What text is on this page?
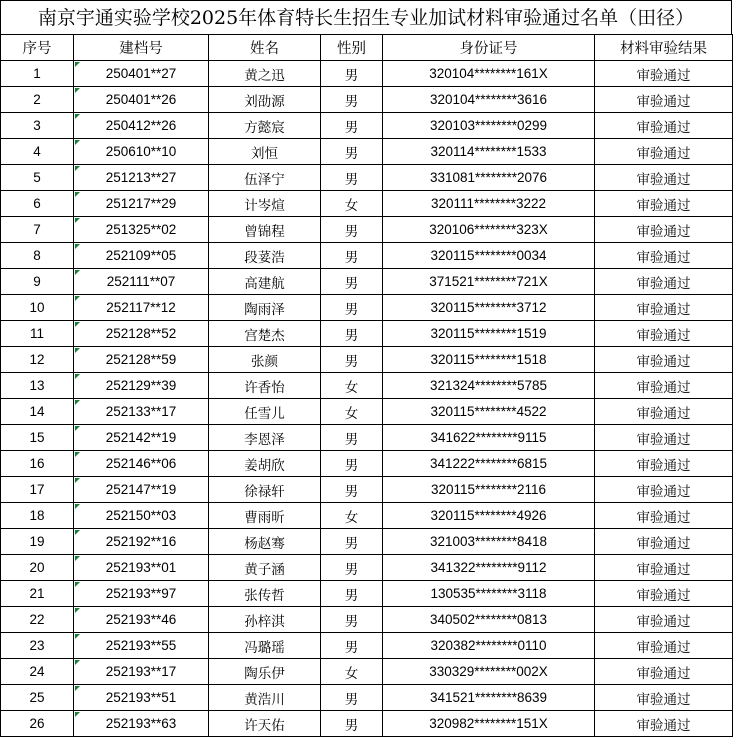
南京宇通实验学校2025年体育特长生招生专业加试材料审验通过名单（田径）
序号	建档号	姓名	性别	身份证号	材料审验结果
1	250401**27	黄之迅	男	320104********161X	审验通过
2	250401**26	刘劭源	男	320104********3616	审验通过
3	250412**26	方懿宸	男	320103********0299	审验通过
4	250610**10	刘恒	男	320114********1533	审验通过
5	251213**27	伍泽宁	男	331081********2076	审验通过
6	251217**29	计岑煊	女	320111********3222	审验通过
7	251325**02	曾锦程	男	320106********323X	审验通过
8	252109**05	段荽浩	男	320115********0034	审验通过
9	252111**07	高建航	男	371521********721X	审验通过
10	252117**12	陶雨泽	男	320115********3712	审验通过
11	252128**52	宫楚杰	男	320115********1519	审验通过
12	252128**59	张颜	男	320115********1518	审验通过
13	252129**39	许香怡	女	321324********5785	审验通过
14	252133**17	任雪儿	女	320115********4522	审验通过
15	252142**19	李恩泽	男	341622********9115	审验通过
16	252146**06	姜胡欣	男	341222********6815	审验通过
17	252147**19	徐禄轩	男	320115********2116	审验通过
18	252150**03	曹雨昕	女	320115********4926	审验通过
19	252192**16	杨赵骞	男	321003********8418	审验通过
20	252193**01	黄子涵	男	341322********9112	审验通过
21	252193**97	张传哲	男	130535********3118	审验通过
22	252193**46	孙梓淇	男	340502********0813	审验通过
23	252193**55	冯璐瑶	男	320382********0110	审验通过
24	252193**17	陶乐伊	女	330329********002X	审验通过
25	252193**51	黄浩川	男	341521********8639	审验通过
26	252193**63	许天佑	男	320982********151X	审验通过
